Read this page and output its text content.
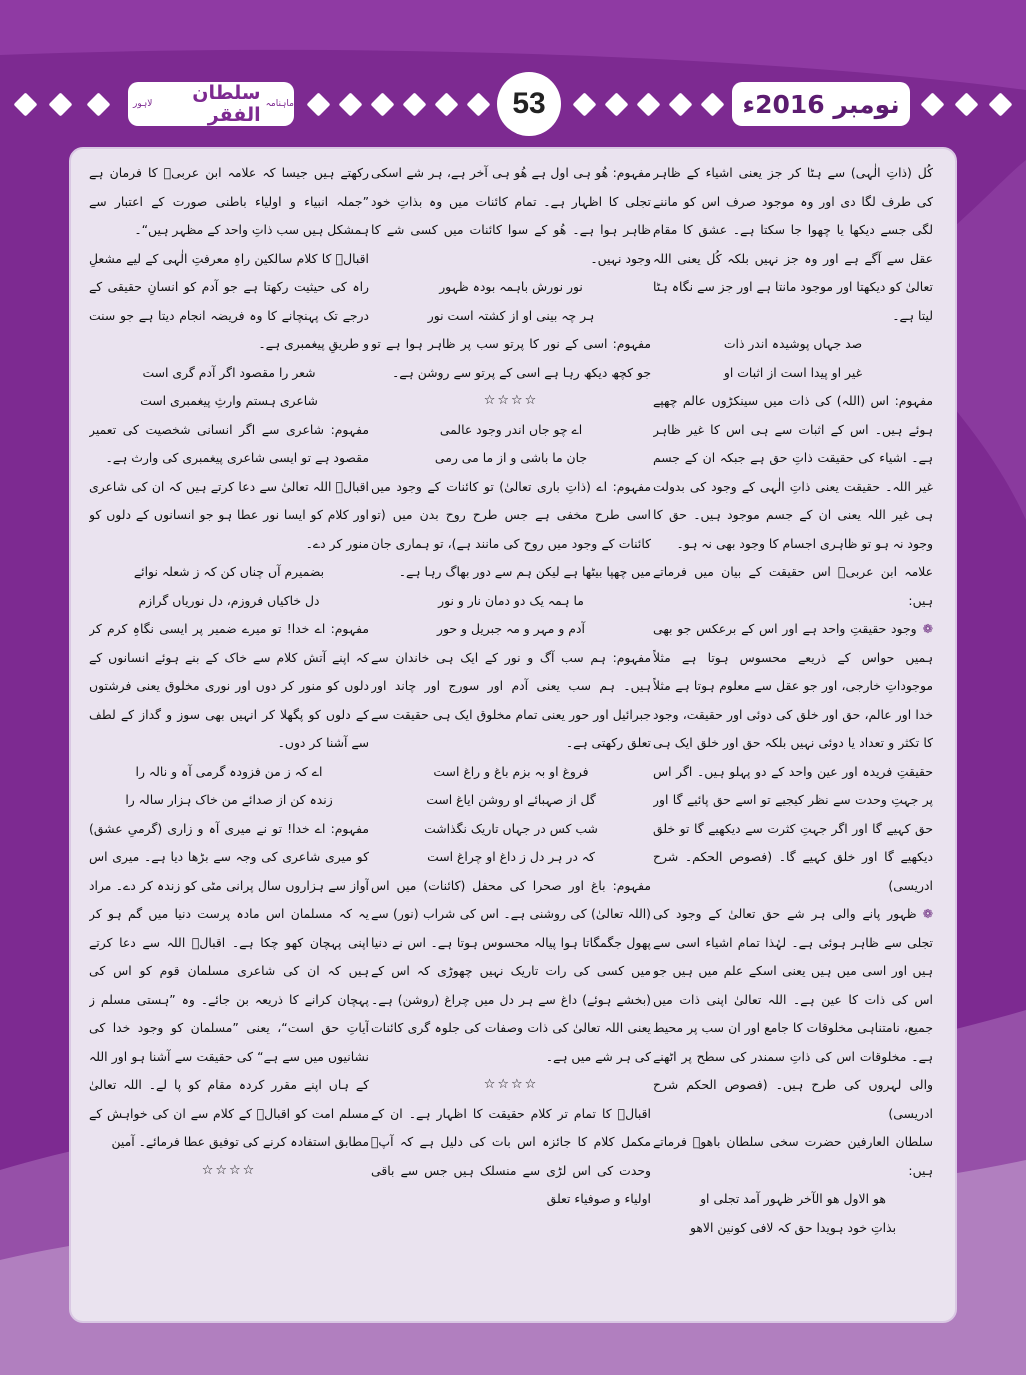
لاہور	سلطان الفقر ماہنامہ	53	نومبر 2016ء

کُل (ذاتِ الٰہی) سے ہٹا کر جز یعنی اشیاء کے ظاہر کی طرف لگا دی اور وہ موجود صرف اس کو ماننے لگی جسے دیکھا یا چھوا جا سکتا ہے۔ عشق کا مقام عقل سے آگے ہے اور وہ جز نہیں بلکہ کُل یعنی اللہ تعالیٰ کو دیکھتا اور موجود مانتا ہے اور جز سے نگاہ ہٹا لیتا ہے۔

صد جہاں پوشیدہ اندر ذات

غیر او پیدا است از اثبات او

مفہوم: اس (اللہ) کی ذات میں سینکڑوں عالم چھپے ہوئے ہیں۔ اس کے اثبات سے ہی اس کا غیر ظاہر ہے۔ اشیاء کی حقیقت ذاتِ حق ہے جبکہ ان کے جسم غیر اللہ۔ حقیقت یعنی ذاتِ الٰہی کے وجود کی بدولت ہی غیر اللہ یعنی ان کے جسم موجود ہیں۔ حق کا وجود نہ ہو تو ظاہری اجسام کا وجود بھی نہ ہو۔

علامہ ابن عربیؒ اس حقیقت کے بیان میں فرماتے ہیں:

❁وجود حقیقتِ واحد ہے اور اس کے برعکس جو بھی ہمیں حواس کے ذریعے محسوس ہوتا ہے مثلاً موجوداتِ خارجی، اور جو عقل سے معلوم ہوتا ہے مثلاً خدا اور عالم، حق اور خلق کی دوئی اور حقیقت، وجود کا تکثر و تعداد یا دوئی نہیں بلکہ حق اور خلق ایک ہی حقیقتِ فریدہ اور عین واحد کے دو پہلو ہیں۔ اگر اس پر جہتِ وحدت سے نظر کیجیے تو اسے حق پائیے گا اور حق کہیے گا اور اگر جہتِ کثرت سے دیکھیے گا تو خلق دیکھیے گا اور خلق کہیے گا۔ (فصوص الحکم۔ شرح ادریسی)

❁ظہور پانے والی ہر شے حق تعالیٰ کے وجود کی تجلی سے ظاہر ہوئی ہے۔ لہٰذا تمام اشیاء اسی سے ہیں اور اسی میں ہیں یعنی اسکے علم میں ہیں جو اس کی ذات کا عین ہے۔ اللہ تعالیٰ اپنی ذات میں جمیع، نامتناہی مخلوقات کا جامع اور ان سب پر محیط ہے۔ مخلوقات اس کی ذاتِ سمندر کی سطح پر اٹھنے والی لہروں کی طرح ہیں۔ (فصوص الحکم شرح ادریسی)

سلطان العارفین حضرت سخی سلطان باھوؒ فرماتے ہیں:

ھو الاول ھو الآخر ظہور آمد تجلی او

بذاتِ خود ہویدا حق کہ لافی کونین الاھو

مفہوم: ھُو ہی اول ہے ھُو ہی آخر ہے، ہر شے اسکی تجلی کا اظہار ہے۔ تمام کائنات میں وہ بذاتِ خود ظاہر ہوا ہے۔ ھُو کے سوا کائنات میں کسی شے کا وجود نہیں۔

نور نورش باہمہ بودہ ظہور

ہر چہ بینی او از کشتہ است نور

مفہوم: اسی کے نور کا پرتو سب پر ظاہر ہوا ہے تو جو کچھ دیکھ رہا ہے اسی کے پرتو سے روشن ہے۔

☆☆☆☆

اے چو جاں اندر وجود عالمی

جان ما باشی و از ما می رمی

مفہوم: اے (ذاتِ باری تعالیٰ) تو کائنات کے وجود میں اسی طرح مخفی ہے جس طرح روح بدن میں (تو کائنات کے وجود میں روح کی مانند ہے)، تو ہماری جان میں چھپا بیٹھا ہے لیکن ہم سے دور بھاگ رہا ہے۔

ما ہمہ یک دو دمان نار و نور

آدم و مہر و مہ جبریل و حور

مفہوم: ہم سب آگ و نور کے ایک ہی خاندان سے ہیں۔ ہم سب یعنی آدم اور سورج اور چاند اور جبرائیل اور حور یعنی تمام مخلوق ایک ہی حقیقت سے تعلق رکھتی ہے۔

فروغ او بہ بزم باغ و راغ است

گل از صہبائے او روشن ایاغ است

شب کس در جہاں تاریک نگذاشت

کہ در ہر دل ز داغ او چراغ است

مفہوم: باغ اور صحرا کی محفل (کائنات) میں اس (اللہ تعالیٰ) کی روشنی ہے۔ اس کی شراب (نور) سے پھول جگمگاتا ہوا پیالہ محسوس ہوتا ہے۔ اس نے دنیا میں کسی کی رات تاریک نہیں چھوڑی کہ اس کے (بخشے ہوئے) داغ سے ہر دل میں چراغ (روشن) ہے۔ یعنی اللہ تعالیٰ کی ذات وصفات کی جلوہ گری کائنات کی ہر شے میں ہے۔

☆☆☆☆

اقبالؒ کا تمام تر کلام حقیقت کا اظہار ہے۔ ان کے مکمل کلام کا جائزہ اس بات کی دلیل ہے کہ آپؒ وحدت کی اس لڑی سے منسلک ہیں جس سے باقی اولیاء و صوفیاء تعلق

رکھتے ہیں جیسا کہ علامہ ابن عربیؒ کا فرمان ہے ”جملہ انبیاء و اولیاء باطنی صورت کے اعتبار سے ہمشکل ہیں سب ذاتِ واحد کے مظہر ہیں“۔

اقبالؒ کا کلام سالکین راہِ معرفتِ الٰہی کے لیے مشعلِ راہ کی حیثیت رکھتا ہے جو آدم کو انسانِ حقیقی کے درجے تک پہنچانے کا وہ فریضہ انجام دیتا ہے جو سنت و طریقِ پیغمبری ہے۔

شعر را مقصود اگر آدم گری است

شاعری ہستم وارثِ پیغمبری است

مفہوم: شاعری سے اگر انسانی شخصیت کی تعمیر مقصود ہے تو ایسی شاعری پیغمبری کی وارث ہے۔

اقبالؒ اللہ تعالیٰ سے دعا کرتے ہیں کہ ان کی شاعری اور کلام کو ایسا نور عطا ہو جو انسانوں کے دلوں کو منور کر دے۔

بضمیرم آں چناں کن کہ ز شعلہ نوائے

دل خاکیاں فروزم، دل نوریاں گرازم

مفہوم: اے خدا! تو میرے ضمیر پر ایسی نگاہِ کرم کر کہ اپنے آتش کلام سے خاک کے بنے ہوئے انسانوں کے دلوں کو منور کر دوں اور نوری مخلوق یعنی فرشتوں کے دلوں کو پگھلا کر انہیں بھی سوز و گداز کے لطف سے آشنا کر دوں۔

اے کہ ز من فزودہ گرمی آہ و نالہ را

زندہ کن از صدائے من خاک ہزار سالہ را

مفہوم: اے خدا! تو نے میری آہ و زاری (گرمیِ عشق) کو میری شاعری کی وجہ سے بڑھا دیا ہے۔ میری اس آواز سے ہزاروں سال پرانی مٹی کو زندہ کر دے۔ مراد یہ کہ مسلمان اس مادہ پرست دنیا میں گم ہو کر اپنی پہچان کھو چکا ہے۔ اقبالؒ اللہ سے دعا کرتے ہیں کہ ان کی شاعری مسلمان قوم کو اس کی پہچان کرانے کا ذریعہ بن جائے۔ وہ ”ہستی مسلم ز آیاتِ حق است“، یعنی ”مسلمان کو وجود خدا کی نشانیوں میں سے ہے“ کی حقیقت سے آشنا ہو اور اللہ کے ہاں اپنے مقرر کردہ مقام کو پا لے۔ اللہ تعالیٰ مسلم امت کو اقبالؒ کے کلام سے ان کی خواہش کے مطابق استفادہ کرنے کی توفیق عطا فرمائے۔ آمین

☆☆☆☆
